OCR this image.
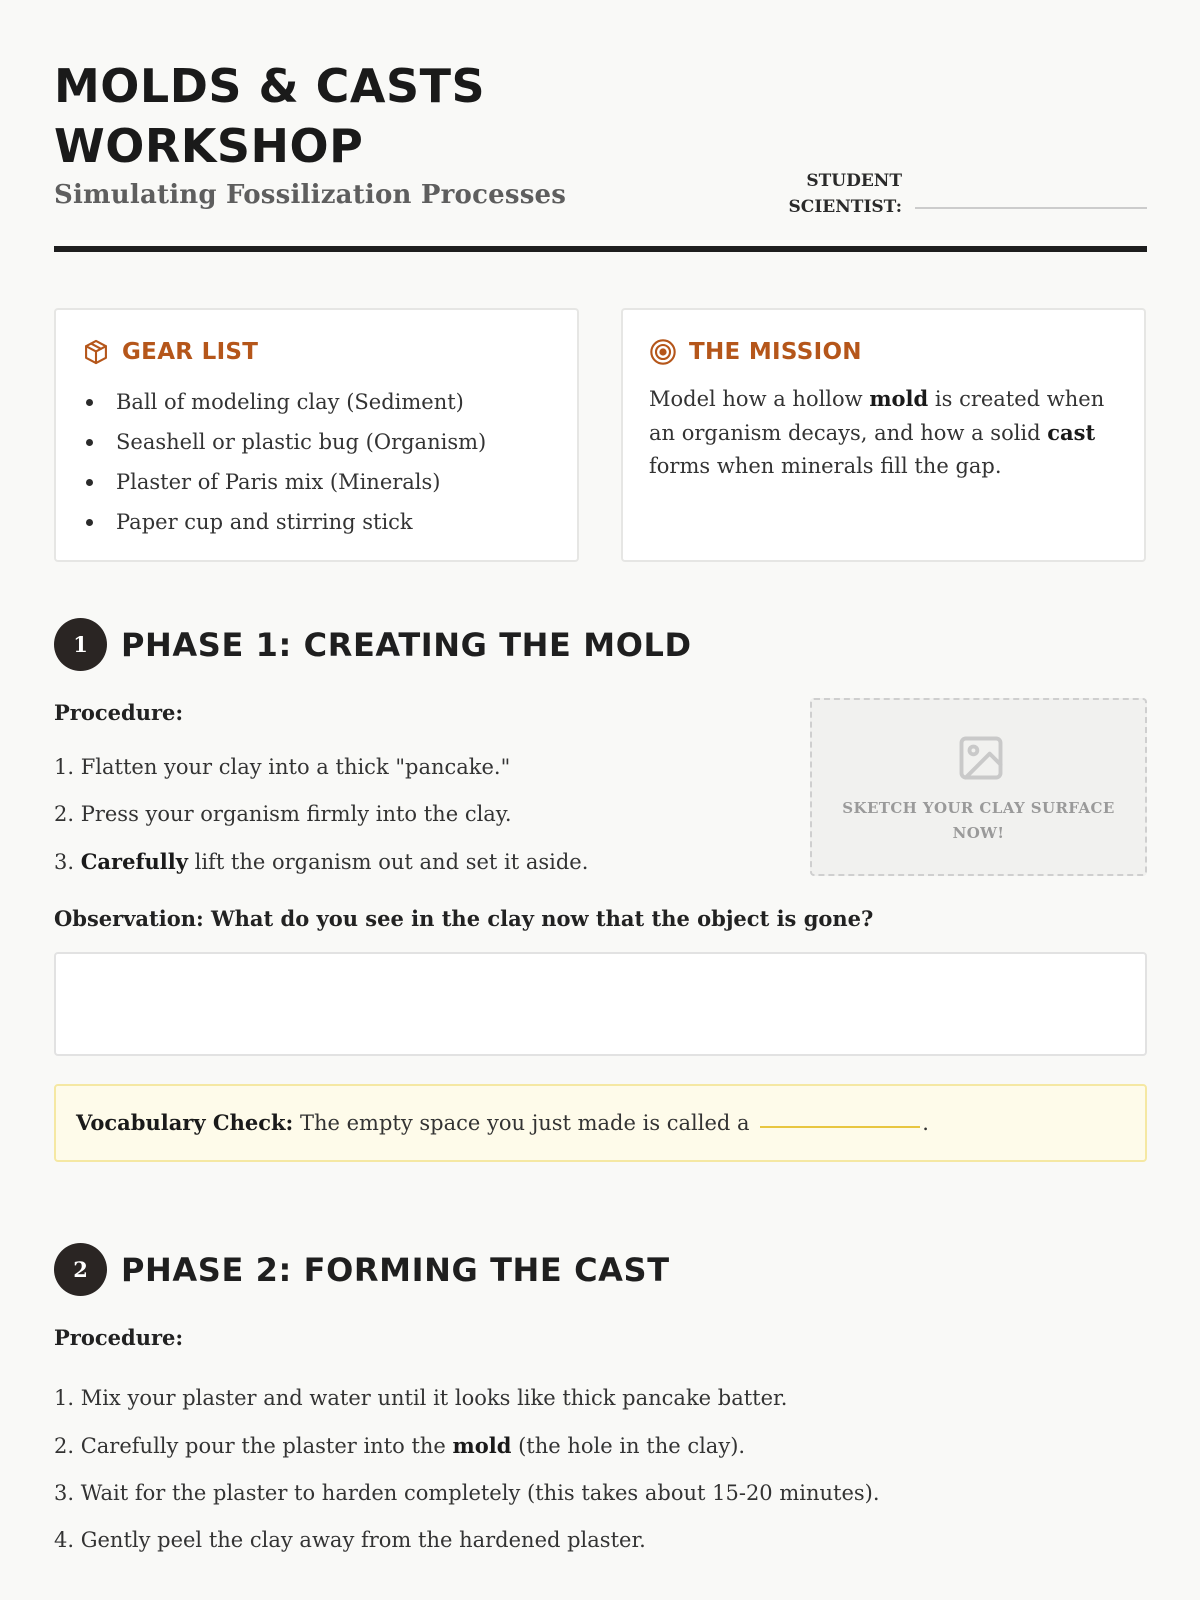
MOLDS & CASTS
WORKSHOP
Simulating Fossilization Processes	STUDENT
SCIENTIST:
GEAR LIST
Ball of modeling clay (Sediment)
Seashell or plastic bug (Organism)
Plaster of Paris mix (Minerals)
Paper cup and stirring stick
THE MISSION
Model how a hollow mold is created when an organism decays, and how a solid cast forms when minerals fill the gap.
1	PHASE 1: CREATING THE MOLD
Procedure:
1. Flatten your clay into a thick "pancake."
2. Press your organism firmly into the clay.
3. Carefully lift the organism out and set it aside.
SKETCH YOUR CLAY SURFACE NOW!
Observation: What do you see in the clay now that the object is gone?
Vocabulary Check: The empty space you just made is called a	.
2	PHASE 2: FORMING THE CAST
Procedure:
1. Mix your plaster and water until it looks like thick pancake batter.
2. Carefully pour the plaster into the mold (the hole in the clay).
3. Wait for the plaster to harden completely (this takes about 15-20 minutes).
4. Gently peel the clay away from the hardened plaster.
